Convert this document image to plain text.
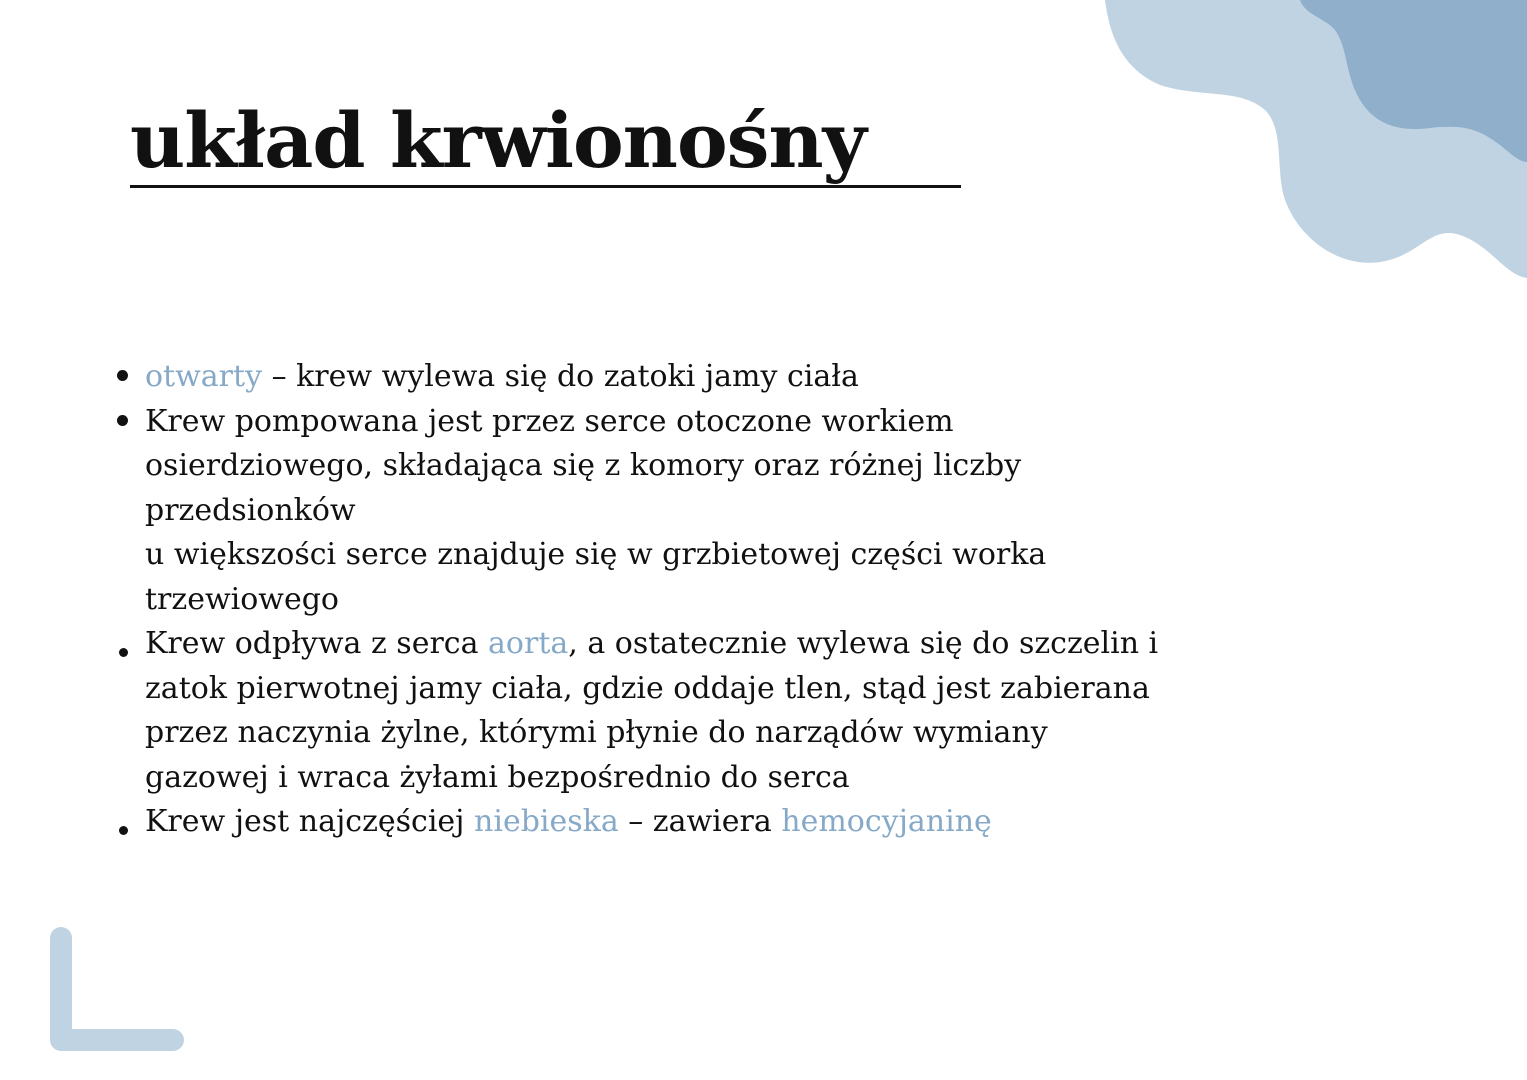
układ krwionośny
otwarty – krew wylewa się do zatoki jamy ciała
Krew pompowana jest przez serce otoczone workiem
osierdziowego, składająca się z komory oraz różnej liczby
przedsionków
u większości serce znajduje się w grzbietowej części worka
trzewiowego
Krew odpływa z serca aorta, a ostatecznie wylewa się do szczelin i
zatok pierwotnej jamy ciała, gdzie oddaje tlen, stąd jest zabierana
przez naczynia żylne, którymi płynie do narządów wymiany
gazowej i wraca żyłami bezpośrednio do serca
Krew jest najczęściej niebieska – zawiera hemocyjaninę
